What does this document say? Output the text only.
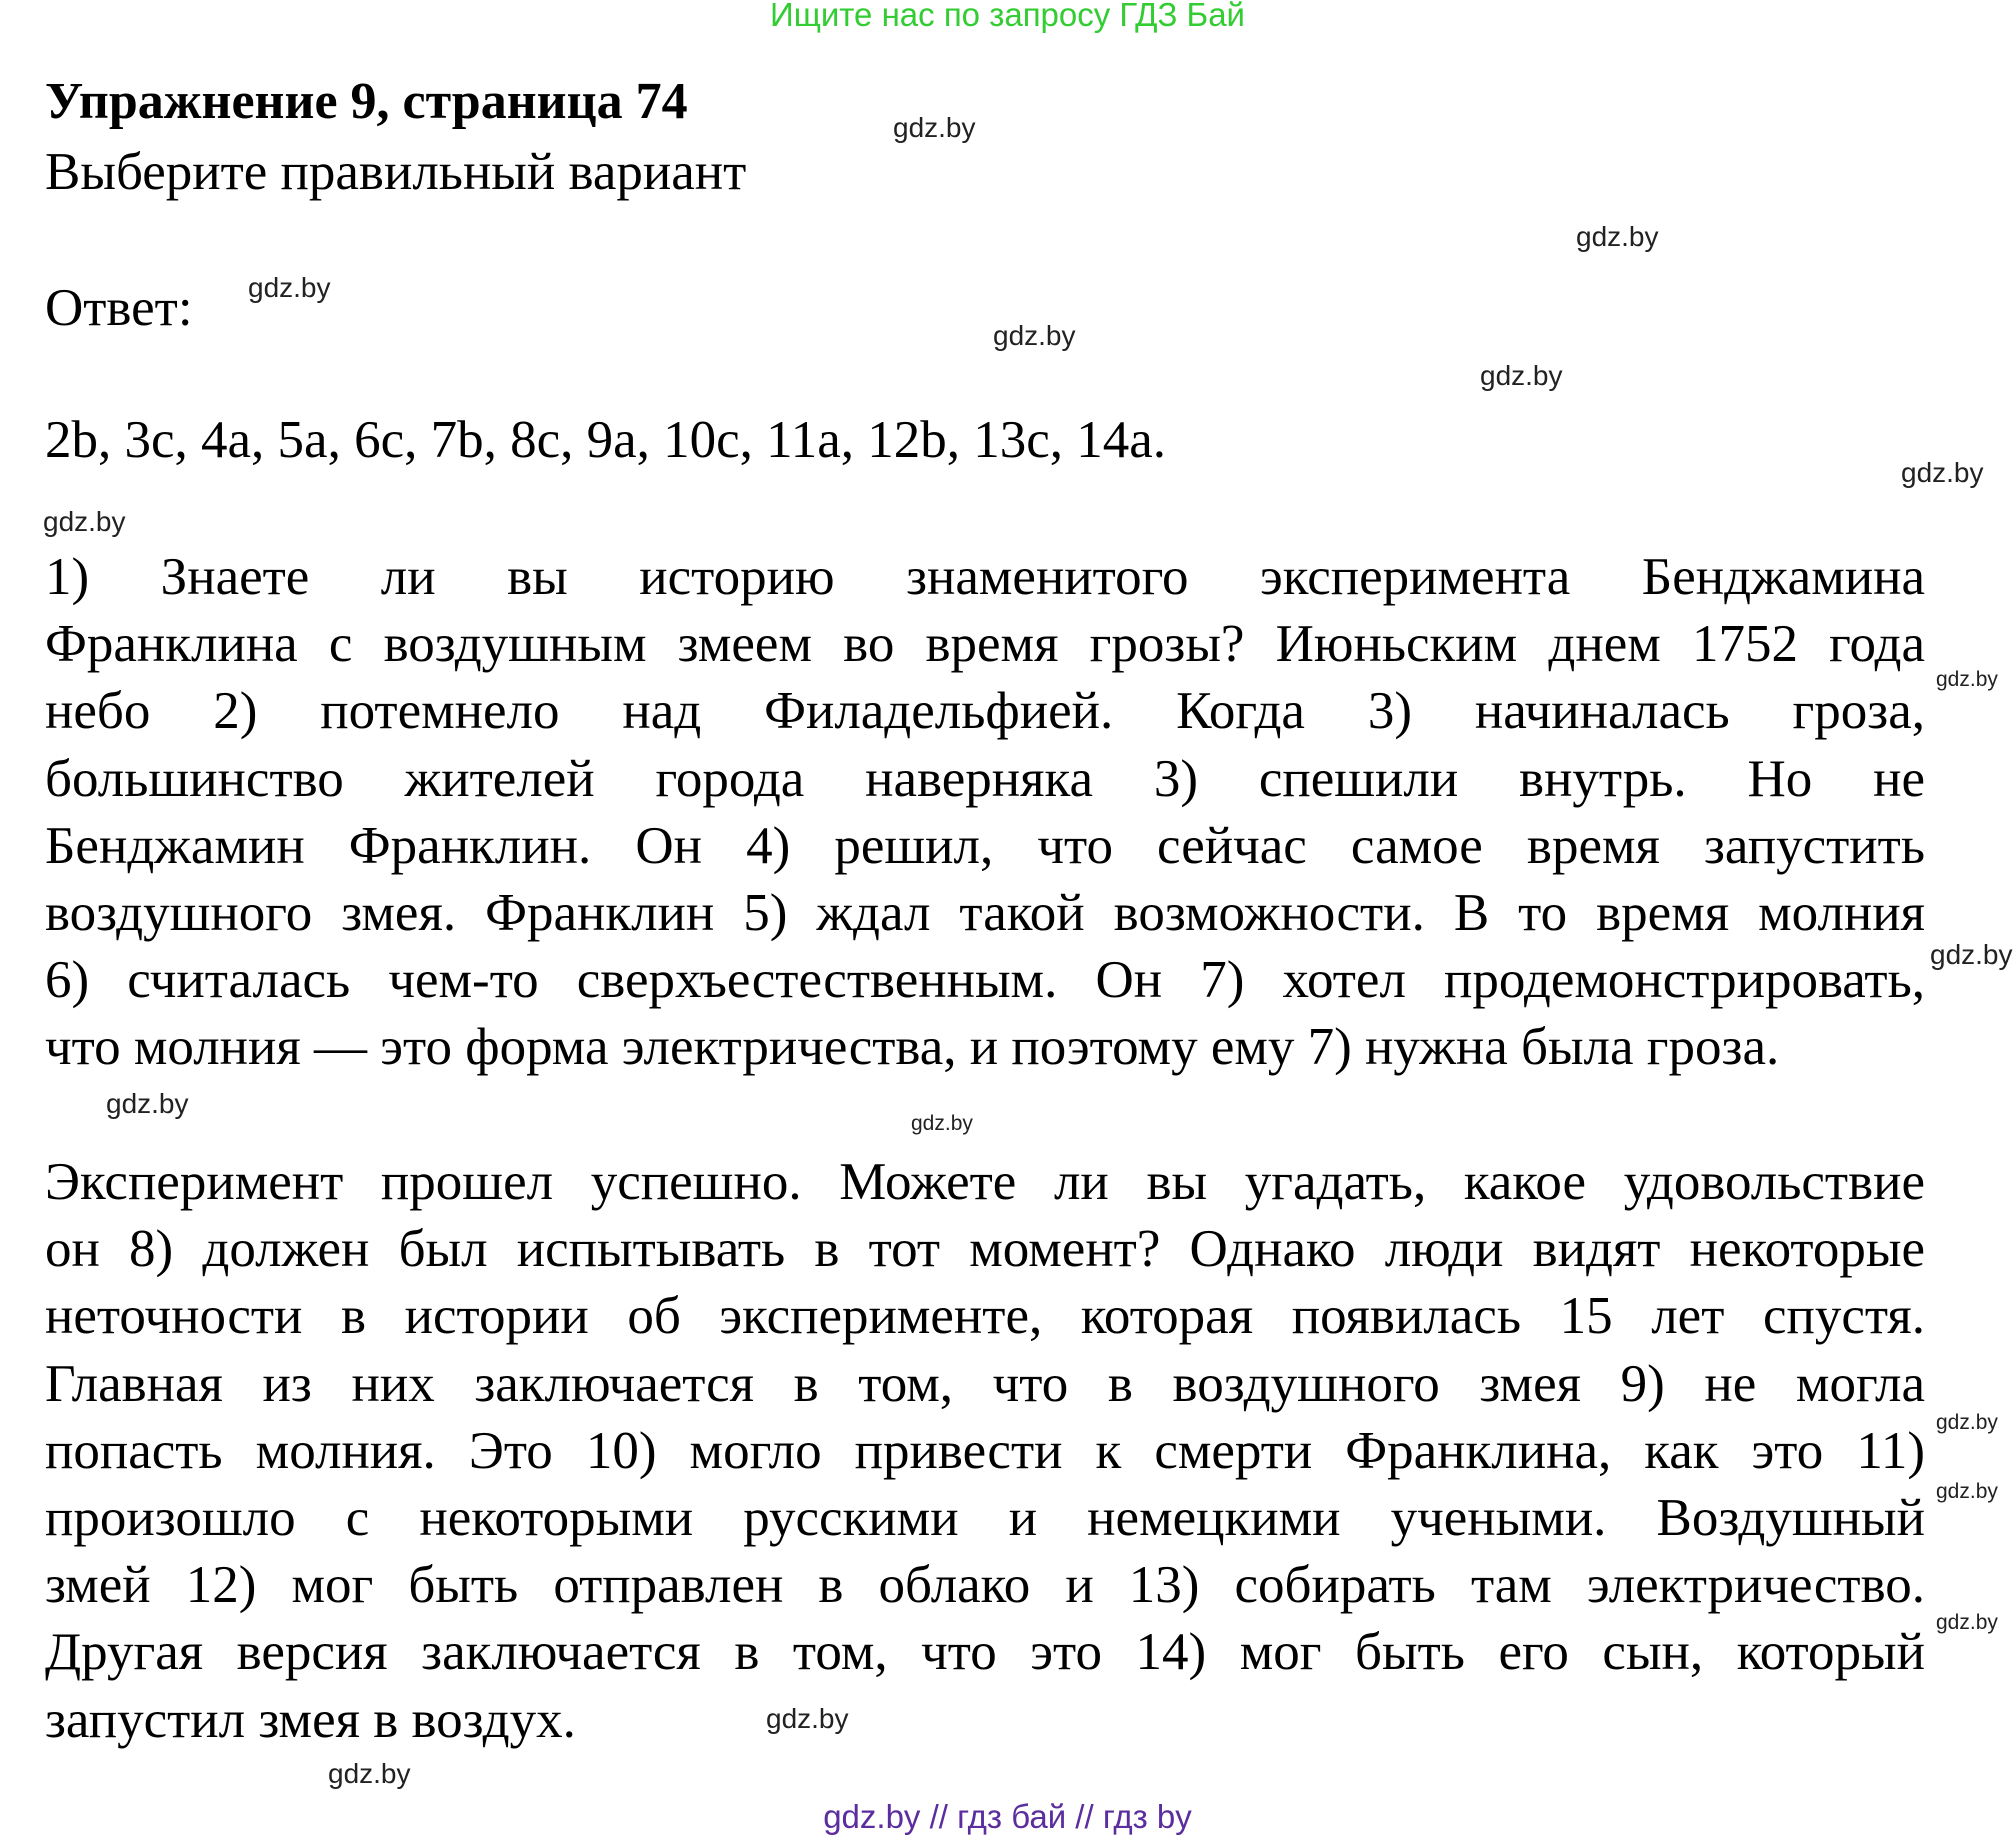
Ищите нас по запросу ГДЗ Бай
Упражнение 9, страница 74
Выберите правильный вариант
Ответ:
2b, 3c, 4a, 5a, 6c, 7b, 8c, 9a, 10c, 11a, 12b, 13c, 14a.
1) Знаете ли вы историю знаменитого эксперимента Бенджамина
Франклина с воздушным змеем во время грозы? Июньским днем 1752 года
небо 2) потемнело над Филадельфией. Когда 3) начиналась гроза,
большинство жителей города наверняка 3) спешили внутрь. Но не
Бенджамин Франклин. Он 4) решил, что сейчас самое время запустить
воздушного змея. Франклин 5) ждал такой возможности. В то время молния
6) считалась чем-то сверхъестественным. Он 7) хотел продемонстрировать,
что молния — это форма электричества, и поэтому ему 7) нужна была гроза.
Эксперимент прошел успешно. Можете ли вы угадать, какое удовольствие
он 8) должен был испытывать в тот момент? Однако люди видят некоторые
неточности в истории об эксперименте, которая появилась 15 лет спустя.
Главная из них заключается в том, что в воздушного змея 9) не могла
попасть молния. Это 10) могло привести к смерти Франклина, как это 11)
произошло с некоторыми русскими и немецкими учеными. Воздушный
змей 12) мог быть отправлен в облако и 13) собирать там электричество.
Другая версия заключается в том, что это 14) мог быть его сын, который
запустил змея в воздух.
gdz.by
gdz.by
gdz.by
gdz.by
gdz.by
gdz.by
gdz.by
gdz.by
gdz.by
gdz.by
gdz.by
gdz.by
gdz.by
gdz.by
gdz.by
gdz.by
gdz.by // гдз бай // гдз by
